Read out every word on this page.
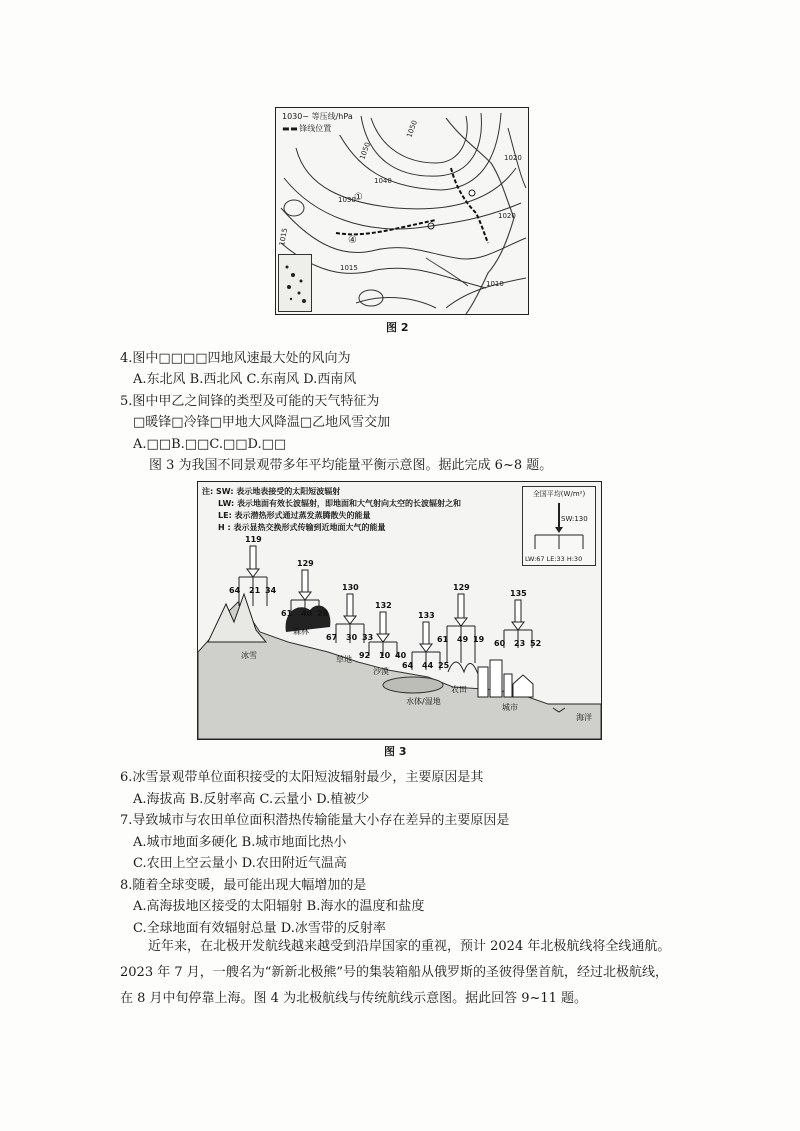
1050
1050
1040
1030
1020
1020
1015
1015
1010
①
④
1030~ 等压线/hPa
▬ ▬ 锋线位置
图 2
4.图中□□□□四地风速最大处的风向为
A.东北风 B.西北风 C.东南风 D.西南风
5.图中甲乙之间锋的类型及可能的天气特征为
□暖锋□冷锋□甲地大风降温□乙地风雪交加
A.□□B.□□C.□□D.□□
图 3 为我国不同景观带多年平均能量平衡示意图。据此完成 6~8 题。
119
64 21 34
冰雪
129
61 40 28
森林
130
67 30 33
草地
132
92 10 40
沙漠
133
64 44 25
水体/湿地
129
61 49 19
农田
135
60 23 52
城市
海洋
注: SW: 表示地表接受的太阳短波辐射
LW: 表示地面有效长波辐射，即地面和大气射向太空的长波辐射之和
LE: 表示潜热形式通过蒸发蒸腾散失的能量
H : 表示显热交换形式传输到近地面大气的能量
全国平均(W/m²)
SW:130
LW:67 LE:33 H:30
图 3
6.冰雪景观带单位面积接受的太阳短波辐射最少，主要原因是其
A.海拔高 B.反射率高 C.云量小 D.植被少
7.导致城市与农田单位面积潜热传输能量大小存在差异的主要原因是
A.城市地面多硬化 B.城市地面比热小
C.农田上空云量小 D.农田附近气温高
8.随着全球变暖，最可能出现大幅增加的是
A.高海拔地区接受的太阳辐射 B.海水的温度和盐度
C.全球地面有效辐射总量 D.冰雪带的反射率
近年来，在北极开发航线越来越受到沿岸国家的重视，预计 2024 年北极航线将全线通航。2023 年 7 月，一艘名为“新新北极熊”号的集装箱船从俄罗斯的圣彼得堡首航，经过北极航线，在 8 月中旬停靠上海。图 4 为北极航线与传统航线示意图。据此回答 9~11 题。
